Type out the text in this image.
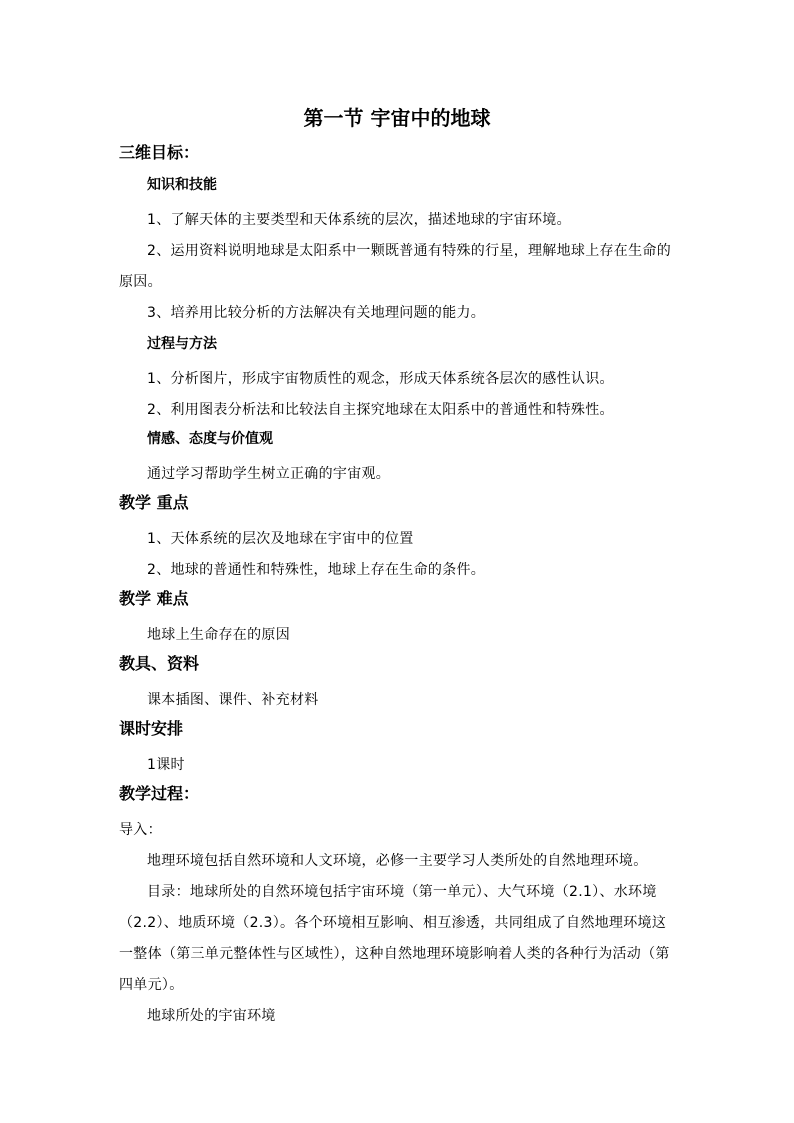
第一节 宇宙中的地球
三维目标：
知识和技能

1、了解天体的主要类型和天体系统的层次，描述地球的宇宙环境。

2、运用资料说明地球是太阳系中一颗既普通有特殊的行星，理解地球上存在生命的原因。

3、培养用比较分析的方法解决有关地理问题的能力。

过程与方法

1、分析图片，形成宇宙物质性的观念，形成天体系统各层次的感性认识。

2、利用图表分析法和比较法自主探究地球在太阳系中的普通性和特殊性。

情感、态度与价值观

通过学习帮助学生树立正确的宇宙观。

教学 重点

1、天体系统的层次及地球在宇宙中的位置

2、地球的普通性和特殊性，地球上存在生命的条件。

教学 难点

地球上生命存在的原因

教具、资料

课本插图、课件、补充材料

课时安排

1课时

教学过程：

导入：

地理环境包括自然环境和人文环境，必修一主要学习人类所处的自然地理环境。

目录：地球所处的自然环境包括宇宙环境（第一单元）、大气环境（2.1）、水环境（2.2）、地质环境（2.3）。各个环境相互影响、相互渗透，共同组成了自然地理环境这一整体（第三单元整体性与区域性），这种自然地理环境影响着人类的各种行为活动（第四单元）。

地球所处的宇宙环境
